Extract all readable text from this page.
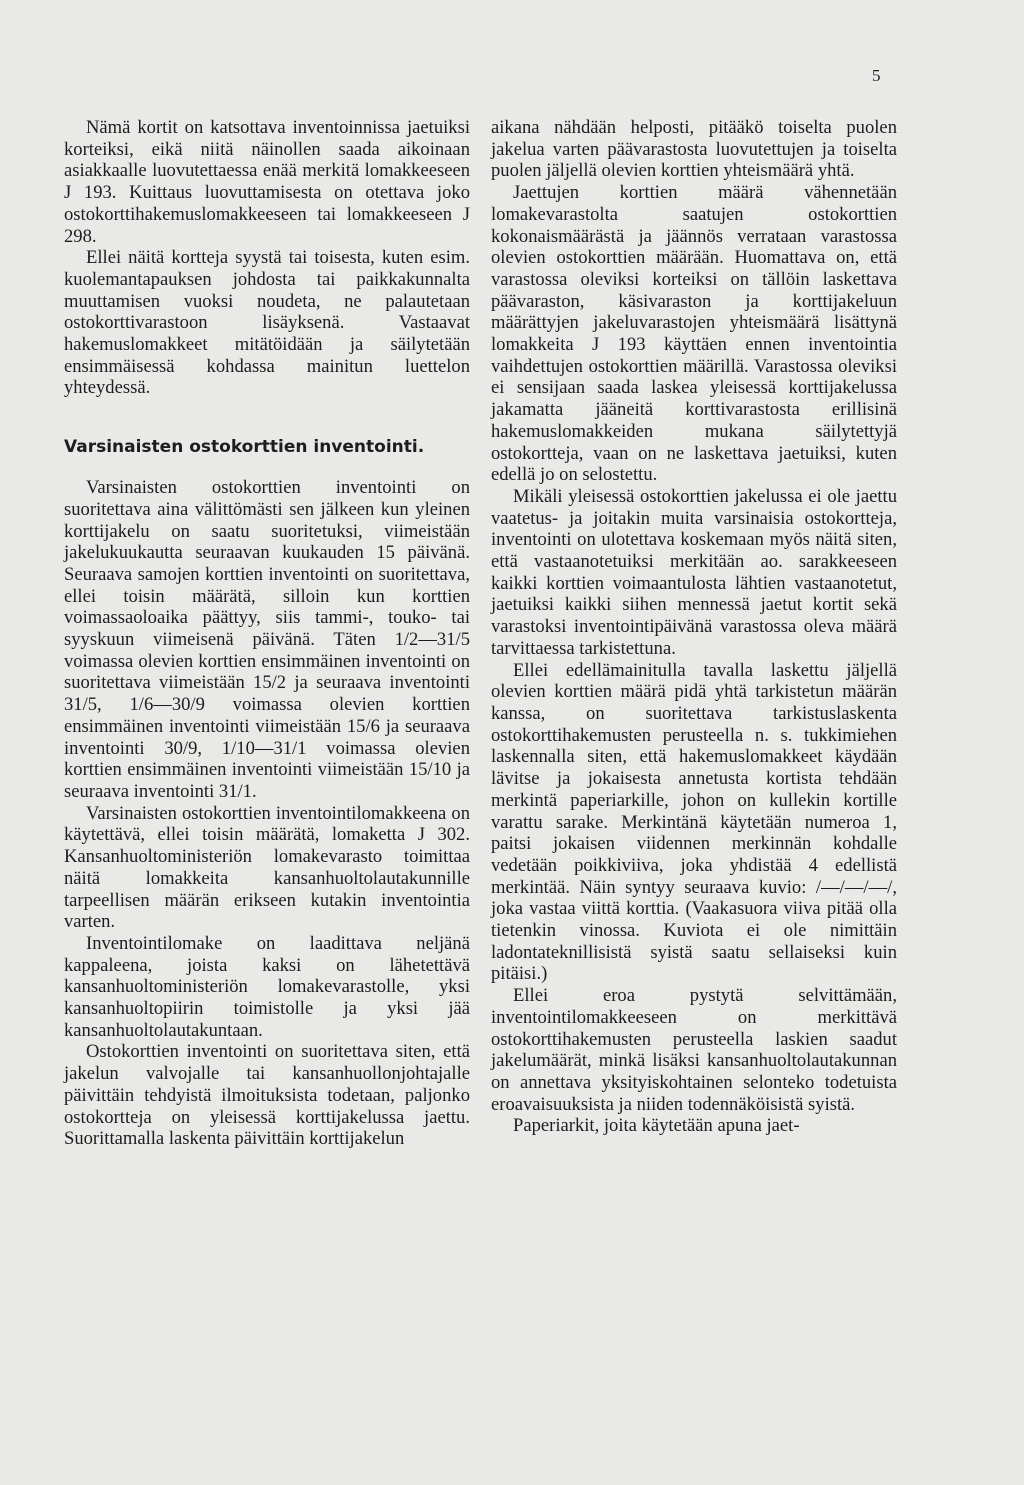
5

Nämä kortit on katsottava inventoinnissa jaetuiksi korteiksi, eikä niitä näinollen saada aikoinaan asiakkaalle luovutettaessa enää merkitä lomakkeeseen J 193. Kuittaus luovuttamisesta on otettava joko ostokorttihakemuslomakkeeseen tai lomakkeeseen J 298.

Ellei näitä kortteja syystä tai toisesta, kuten esim. kuolemantapauksen johdosta tai paikkakunnalta muuttamisen vuoksi noudeta, ne palautetaan ostokorttivarastoon lisäyksenä. Vastaavat hakemuslomakkeet mitätöidään ja säilytetään ensimmäisessä kohdassa mainitun luettelon yhteydessä.

Varsinaisten ostokorttien inventointi.

Varsinaisten ostokorttien inventointi on suoritettava aina välittömästi sen jälkeen kun yleinen korttijakelu on saatu suoritetuksi, viimeistään jakelukuukautta seuraavan kuukauden 15 päivänä. Seuraava samojen korttien inventointi on suoritettava, ellei toisin määrätä, silloin kun korttien voimassaoloaika päättyy, siis tammi-, touko- tai syyskuun viimeisenä päivänä. Täten 1/2—31/5 voimassa olevien korttien ensimmäinen inventointi on suoritettava viimeistään 15/2 ja seuraava inventointi 31/5, 1/6—30/9 voimassa olevien korttien ensimmäinen inventointi viimeistään 15/6 ja seuraava inventointi 30/9, 1/10—31/1 voimassa olevien korttien ensimmäinen inventointi viimeistään 15/10 ja seuraava inventointi 31/1.

Varsinaisten ostokorttien inventointilomakkeena on käytettävä, ellei toisin määrätä, lomaketta J 302. Kansanhuoltoministeriön lomakevarasto toimittaa näitä lomakkeita kansanhuoltolautakunnille tarpeellisen määrän erikseen kutakin inventointia varten.

Inventointilomake on laadittava neljänä kappaleena, joista kaksi on lähetettävä kansanhuoltoministeriön lomakevarastolle, yksi kansanhuoltopiirin toimistolle ja yksi jää kansanhuoltolautakuntaan.

Ostokorttien inventointi on suoritettava siten, että jakelun valvojalle tai kansanhuollonjohtajalle päivittäin tehdyistä ilmoituksista todetaan, paljonko ostokortteja on yleisessä korttijakelussa jaettu. Suorittamalla laskenta päivittäin korttijakelun

aikana nähdään helposti, pitääkö toiselta puolen jakelua varten päävarastosta luovutettujen ja toiselta puolen jäljellä olevien korttien yhteismäärä yhtä.

Jaettujen korttien määrä vähennetään lomakevarastolta saatujen ostokorttien kokonaismäärästä ja jäännös verrataan varastossa olevien ostokorttien määrään. Huomattava on, että varastossa oleviksi korteiksi on tällöin laskettava päävaraston, käsivaraston ja korttijakeluun määrättyjen jakeluvarastojen yhteismäärä lisättynä lomakkeita J 193 käyttäen ennen inventointia vaihdettujen ostokorttien määrillä. Varastossa oleviksi ei sensijaan saada laskea yleisessä korttijakelussa jakamatta jääneitä korttivarastosta erillisinä hakemuslomakkeiden mukana säilytettyjä ostokortteja, vaan on ne laskettava jaetuiksi, kuten edellä jo on selostettu.

Mikäli yleisessä ostokorttien jakelussa ei ole jaettu vaatetus- ja joitakin muita varsinaisia ostokortteja, inventointi on ulotettava koskemaan myös näitä siten, että vastaanotetuiksi merkitään ao. sarakkeeseen kaikki korttien voimaantulosta lähtien vastaanotetut, jaetuiksi kaikki siihen mennessä jaetut kortit sekä varastoksi inventointipäivänä varastossa oleva määrä tarvittaessa tarkistettuna.

Ellei edellämainitulla tavalla laskettu jäljellä olevien korttien määrä pidä yhtä tarkistetun määrän kanssa, on suoritettava tarkistuslaskenta ostokorttihakemusten perusteella n. s. tukkimiehen laskennalla siten, että hakemuslomakkeet käydään lävitse ja jokaisesta annetusta kortista tehdään merkintä paperiarkille, johon on kullekin kortille varattu sarake. Merkintänä käytetään numeroa 1, paitsi jokaisen viidennen merkinnän kohdalle vedetään poikkiviiva, joka yhdistää 4 edellistä merkintää. Näin syntyy seuraava kuvio: /—/—/—/, joka vastaa viittä korttia. (Vaakasuora viiva pitää olla tietenkin vinossa. Kuviota ei ole nimittäin ladontateknillisistä syistä saatu sellaiseksi kuin pitäisi.)

Ellei eroa pystytä selvittämään, inventointilomakkeeseen on merkittävä ostokorttihakemusten perusteella laskien saadut jakelumäärät, minkä lisäksi kansanhuoltolautakunnan on annettava yksityiskohtainen selonteko todetuista eroavaisuuksista ja niiden todennäköisistä syistä.

Paperiarkit, joita käytetään apuna jaet-
